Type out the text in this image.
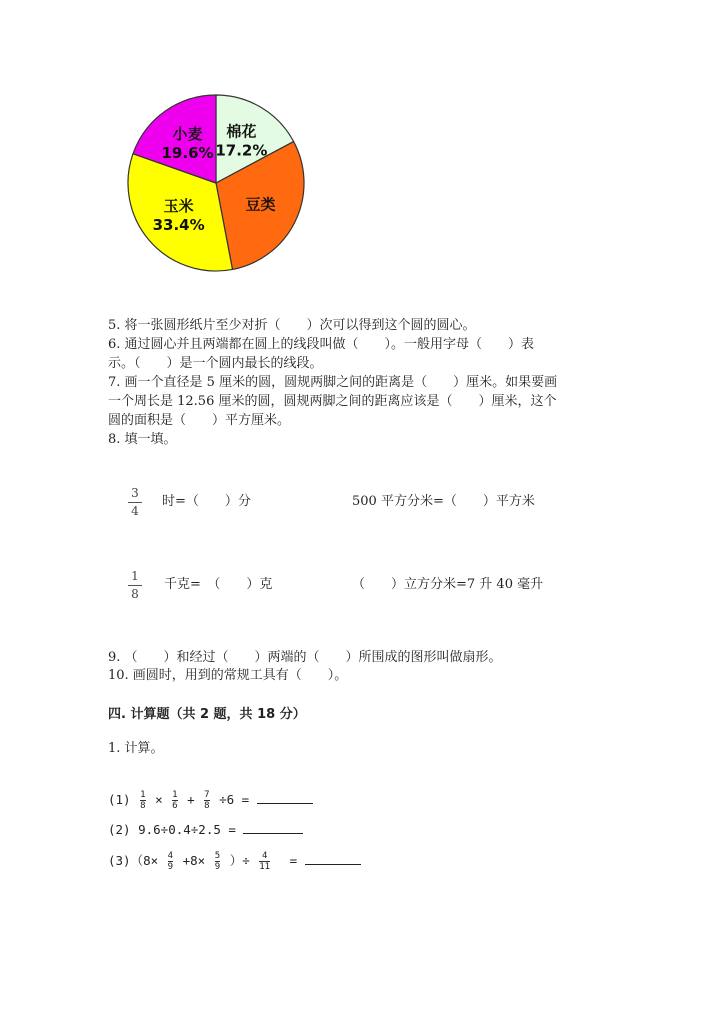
棉花
17.2%
豆类
玉米
33.4%
小麦
19.6%
5. 将一张圆形纸片至少对折（　　）次可以得到这个圆的圆心。
6. 通过圆心并且两端都在圆上的线段叫做（　　）。一般用字母（　　）表
示。（　　）是一个圆内最长的线段。
7. 画一个直径是 5 厘米的圆，圆规两脚之间的距离是（　　）厘米。如果要画
一个周长是 12.56 厘米的圆，圆规两脚之间的距离应该是（　　）厘米，这个
圆的面积是（　　）平方厘米。
8. 填一填。
3
4
时=（　　）分	500 平方分米=（　　）平方米
1
8
千克=　（　　）克	（　　）立方分米=7 升 40 毫升
9. （　　）和经过（　　）两端的（　　）所围成的图形叫做扇形。
10. 画圆时，用到的常规工具有（　　）。
四. 计算题（共 2 题，共 18 分）
1. 计算。
$(1) \frac{1}{8} \times \frac{1}{6} + \frac{7}{8} \div 6$ =
(2) 9.6÷0.4÷2.5 =
$(3)(8\times \frac{4}{9} +8\times \frac{5}{9}$ ）÷ $\frac{4}{11}$ =
